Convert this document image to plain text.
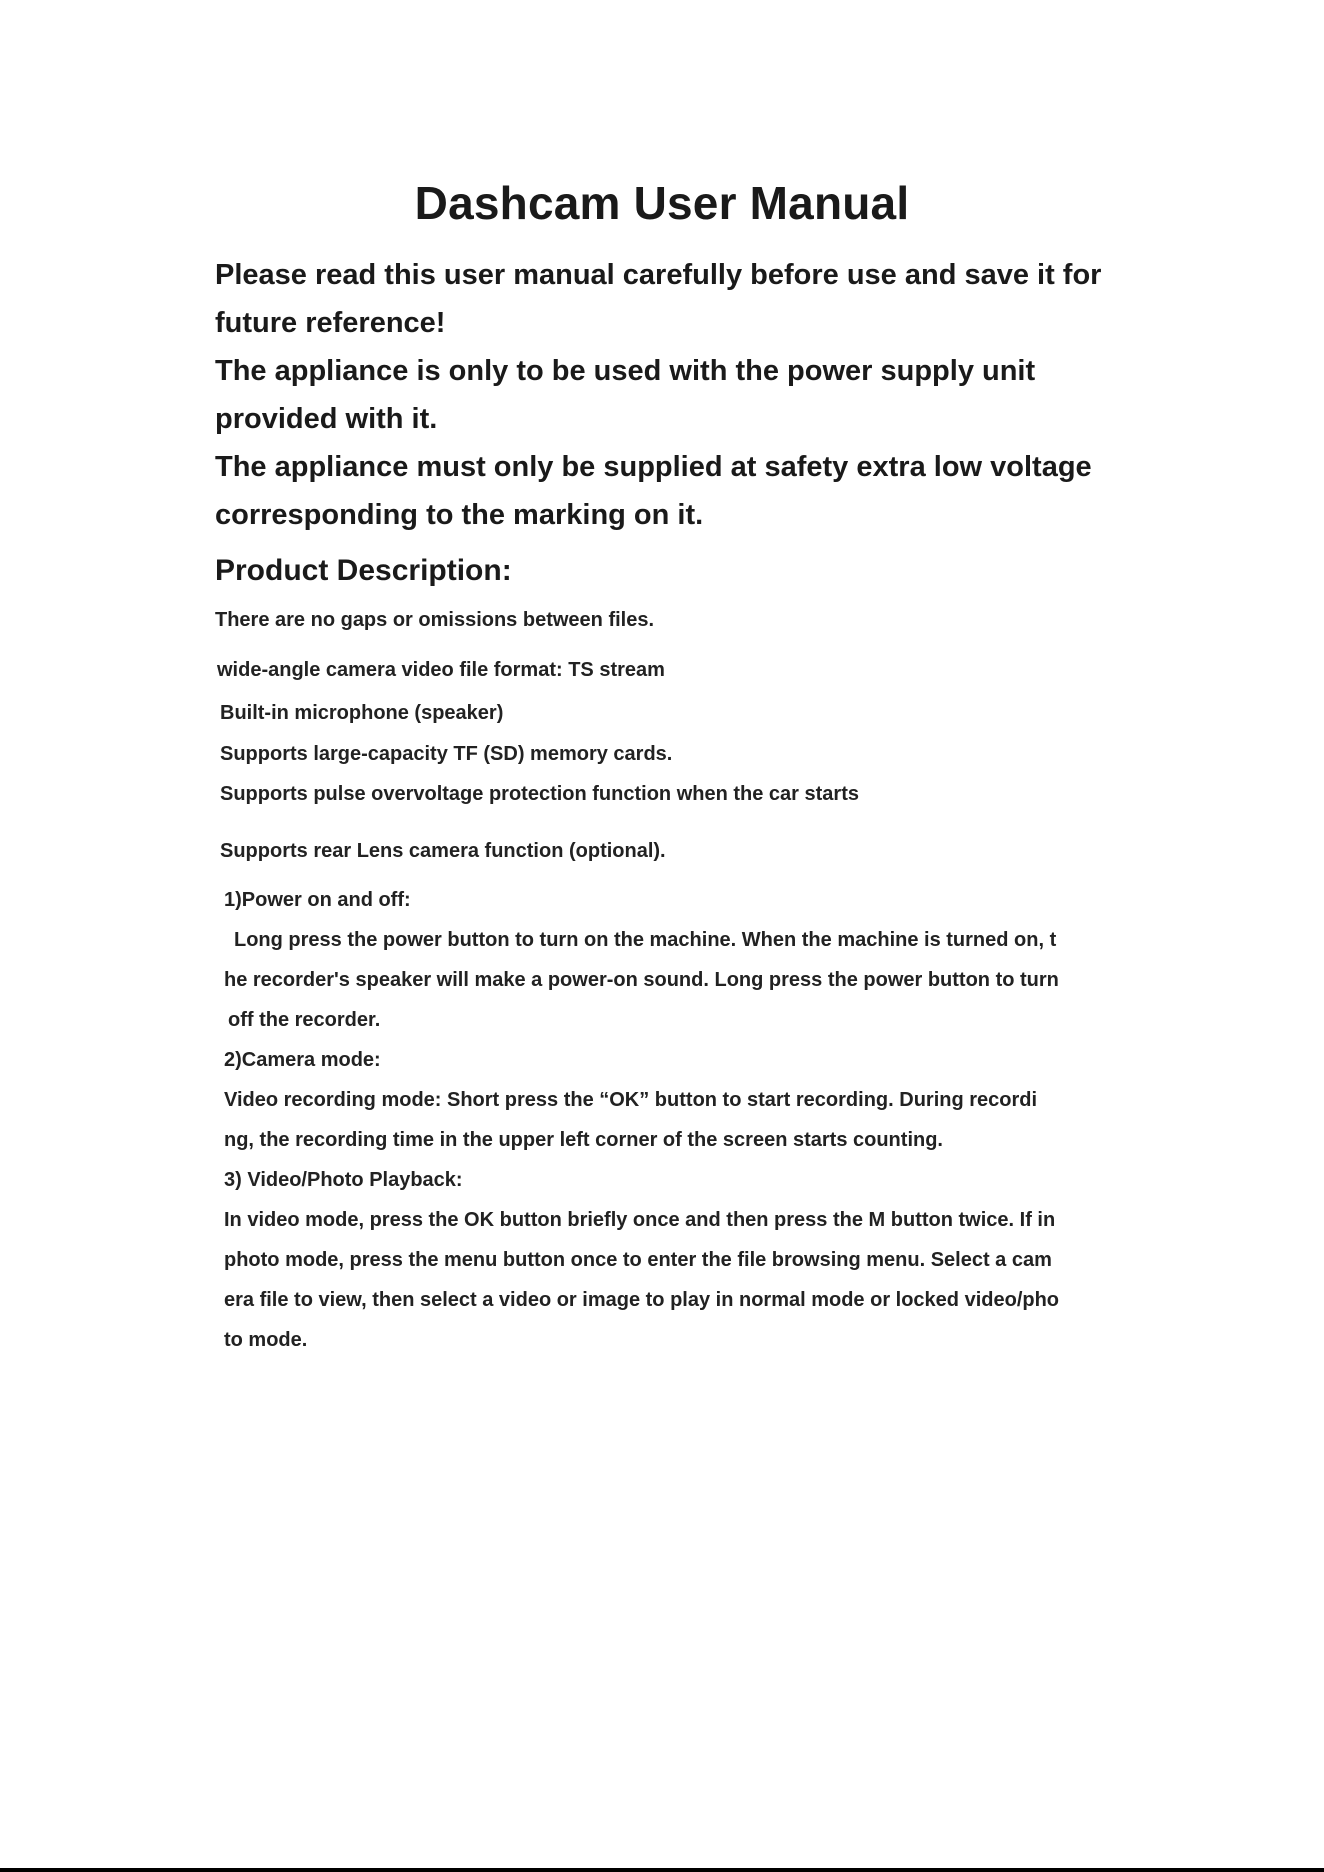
Dashcam User Manual

Please read this user manual carefully before use and save it for

future reference!

The appliance is only to be used with the power supply unit

provided with it.

The appliance must only be supplied at safety extra low voltage

corresponding to the marking on it.

Product Description:
There are no gaps or omissions between files.
wide-angle camera video file format: TS stream
Built-in microphone (speaker)
Supports large-capacity TF (SD) memory cards.
Supports pulse overvoltage protection function when the car starts
Supports rear Lens camera function (optional).

1)Power on and off:

Long press the power button to turn on the machine. When the machine is turned on, t

he recorder's speaker will make a power-on sound. Long press the power button to turn

off the recorder.

2)Camera mode:

Video recording mode: Short press the “OK” button to start recording. During recordi

ng, the recording time in the upper left corner of the screen starts counting.

3) Video/Photo Playback:

In video mode, press the OK button briefly once and then press the M button twice. If in

photo mode, press the menu button once to enter the file browsing menu. Select a cam

era file to view, then select a video or image to play in normal mode or locked video/pho

to mode.
